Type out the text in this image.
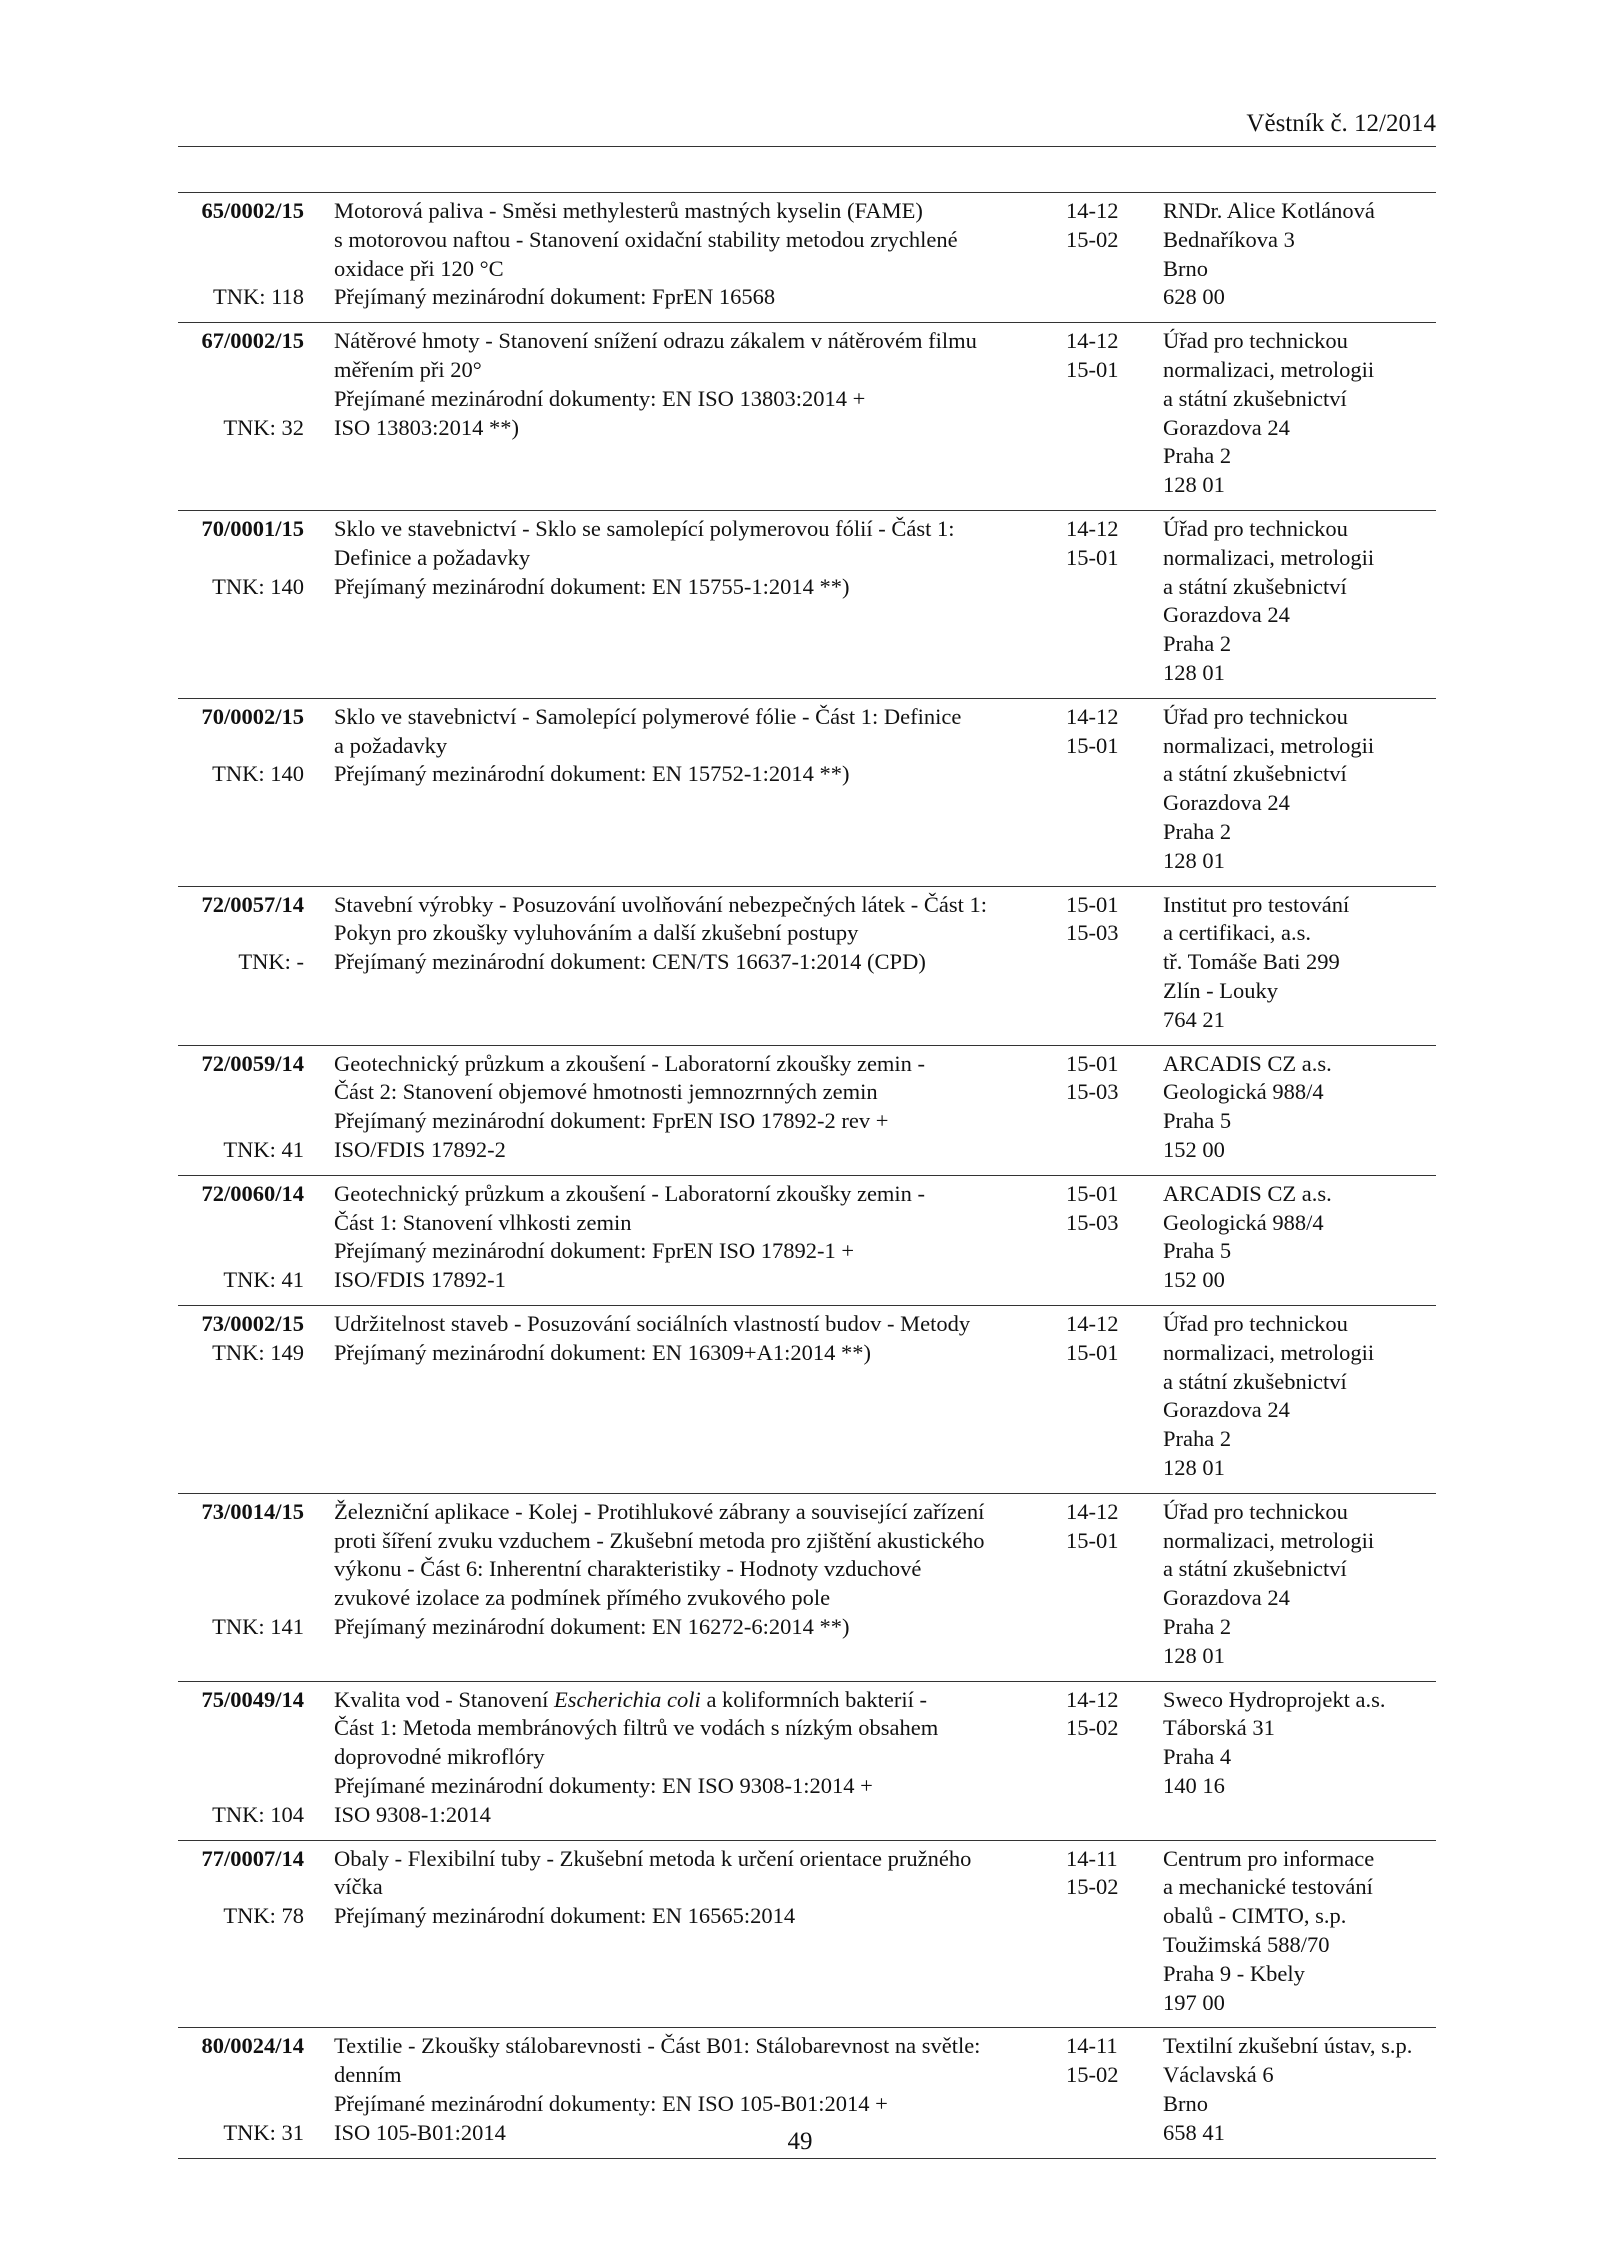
Věstník č. 12/2014
65/0002/15
TNK: 118
Motorová paliva - Směsi methylesterů mastných kyselin (FAME)
s motorovou naftou - Stanovení oxidační stability metodou zrychlené
oxidace při 120 °C
Přejímaný mezinárodní dokument: FprEN 16568
14-12
15-02
RNDr. Alice Kotlánová
Bednaříkova 3
Brno
628 00
67/0002/15
TNK: 32
Nátěrové hmoty - Stanovení snížení odrazu zákalem v nátěrovém filmu
měřením při 20°
Přejímané mezinárodní dokumenty: EN ISO 13803:2014 +
ISO 13803:2014 **)
14-12
15-01
Úřad pro technickou
normalizaci, metrologii
a státní zkušebnictví
Gorazdova 24
Praha 2
128 01
70/0001/15
TNK: 140
Sklo ve stavebnictví - Sklo se samolepící polymerovou fólií - Část 1:
Definice a požadavky
Přejímaný mezinárodní dokument: EN 15755-1:2014 **)
14-12
15-01
Úřad pro technickou
normalizaci, metrologii
a státní zkušebnictví
Gorazdova 24
Praha 2
128 01
70/0002/15
TNK: 140
Sklo ve stavebnictví - Samolepící polymerové fólie - Část 1: Definice
a požadavky
Přejímaný mezinárodní dokument: EN 15752-1:2014 **)
14-12
15-01
Úřad pro technickou
normalizaci, metrologii
a státní zkušebnictví
Gorazdova 24
Praha 2
128 01
72/0057/14
TNK: -
Stavební výrobky - Posuzování uvolňování nebezpečných látek - Část 1:
Pokyn pro zkoušky vyluhováním a další zkušební postupy
Přejímaný mezinárodní dokument: CEN/TS 16637-1:2014 (CPD)
15-01
15-03
Institut pro testování
a certifikaci, a.s.
tř. Tomáše Bati 299
Zlín - Louky
764 21
72/0059/14
TNK: 41
Geotechnický průzkum a zkoušení - Laboratorní zkoušky zemin -
Část 2: Stanovení objemové hmotnosti jemnozrnných zemin
Přejímaný mezinárodní dokument: FprEN ISO 17892-2 rev +
ISO/FDIS 17892-2
15-01
15-03
ARCADIS CZ a.s.
Geologická 988/4
Praha 5
152 00
72/0060/14
TNK: 41
Geotechnický průzkum a zkoušení - Laboratorní zkoušky zemin -
Část 1: Stanovení vlhkosti zemin
Přejímaný mezinárodní dokument: FprEN ISO 17892-1 +
ISO/FDIS 17892-1
15-01
15-03
ARCADIS CZ a.s.
Geologická 988/4
Praha 5
152 00
73/0002/15
TNK: 149
Udržitelnost staveb - Posuzování sociálních vlastností budov - Metody
Přejímaný mezinárodní dokument: EN 16309+A1:2014 **)
14-12
15-01
Úřad pro technickou
normalizaci, metrologii
a státní zkušebnictví
Gorazdova 24
Praha 2
128 01
73/0014/15
TNK: 141
Železniční aplikace - Kolej - Protihlukové zábrany a související zařízení
proti šíření zvuku vzduchem - Zkušební metoda pro zjištění akustického
výkonu - Část 6: Inherentní charakteristiky - Hodnoty vzduchové
zvukové izolace za podmínek přímého zvukového pole
Přejímaný mezinárodní dokument: EN 16272-6:2014 **)
14-12
15-01
Úřad pro technickou
normalizaci, metrologii
a státní zkušebnictví
Gorazdova 24
Praha 2
128 01
75/0049/14
TNK: 104
Kvalita vod - Stanovení Escherichia coli a koliformních bakterií -
Část 1: Metoda membránových filtrů ve vodách s nízkým obsahem
doprovodné mikroflóry
Přejímané mezinárodní dokumenty: EN ISO 9308-1:2014 +
ISO 9308-1:2014
14-12
15-02
Sweco Hydroprojekt a.s.
Táborská 31
Praha 4
140 16
77/0007/14
TNK: 78
Obaly - Flexibilní tuby - Zkušební metoda k určení orientace pružného
víčka
Přejímaný mezinárodní dokument: EN 16565:2014
14-11
15-02
Centrum pro informace
a mechanické testování
obalů - CIMTO, s.p.
Toužimská 588/70
Praha 9 - Kbely
197 00
80/0024/14
TNK: 31
Textilie - Zkoušky stálobarevnosti - Část B01: Stálobarevnost na světle:
denním
Přejímané mezinárodní dokumenty: EN ISO 105-B01:2014 +
ISO 105-B01:2014
14-11
15-02
Textilní zkušební ústav, s.p.
Václavská 6
Brno
658 41
49
